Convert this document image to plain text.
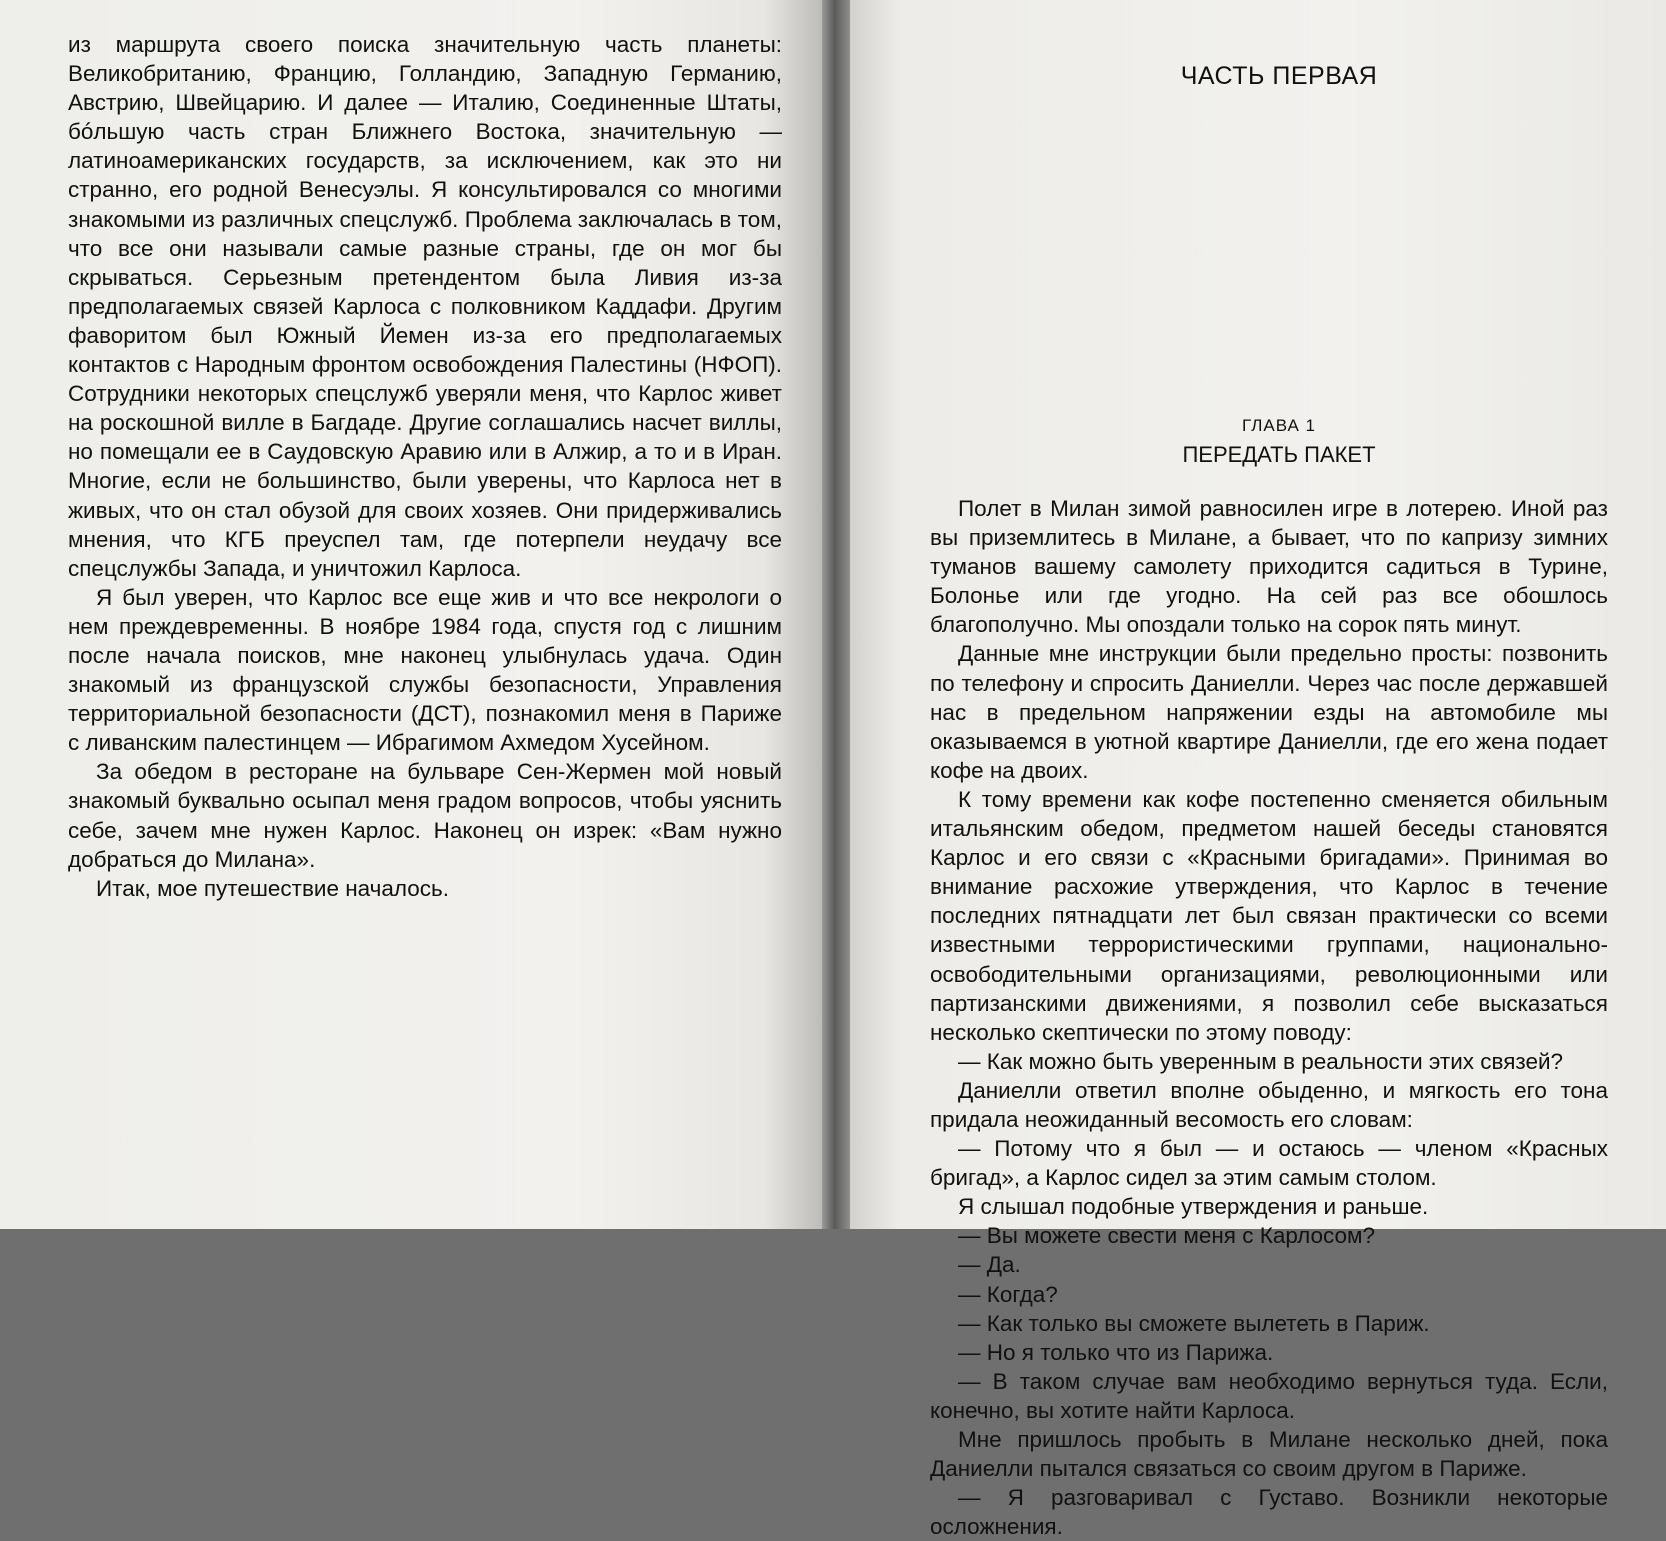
из маршрута своего поиска значительную часть планеты: Великобританию, Францию, Голландию, Западную Германию, Австрию, Швейцарию. И далее — Италию, Соединенные Штаты, бóльшую часть стран Ближнего Востока, значительную — латиноамериканских государств, за исключением, как это ни странно, его родной Венесуэлы. Я консультировался со многими знакомыми из различных спецслужб. Проблема заключалась в том, что все они называли самые разные страны, где он мог бы скрываться. Серьезным претендентом была Ливия из-за предполагаемых связей Карлоса с полковником Каддафи. Другим фаворитом был Южный Йемен из-за его предполагаемых контактов с Народным фронтом освобождения Палестины (НФОП). Сотрудники некоторых спецслужб уверяли меня, что Карлос живет на роскошной вилле в Багдаде. Другие соглашались насчет виллы, но помещали ее в Саудовскую Аравию или в Алжир, а то и в Иран. Многие, если не большинство, были уверены, что Карлоса нет в живых, что он стал обузой для своих хозяев. Они придерживались мнения, что КГБ преуспел там, где потерпели неудачу все спецслужбы Запада, и уничтожил Карлоса.

Я был уверен, что Карлос все еще жив и что все некрологи о нем преждевременны. В ноябре 1984 года, спустя год с лишним после начала поисков, мне наконец улыбнулась удача. Один знакомый из французской службы безопасности, Управления территориальной безопасности (ДСТ), познакомил меня в Париже с ливанским палестинцем — Ибрагимом Ахмедом Хусейном.

За обедом в ресторане на бульваре Сен-Жермен мой новый знакомый буквально осыпал меня градом вопросов, чтобы уяснить себе, зачем мне нужен Карлос. Наконец он изрек: «Вам нужно добраться до Милана».

Итак, мое путешествие началось.

ЧАСТЬ ПЕРВАЯ
ГЛАВА 1
ПЕРЕДАТЬ ПАКЕТ

Полет в Милан зимой равносилен игре в лотерею. Иной раз вы приземлитесь в Милане, а бывает, что по капризу зимних туманов вашему самолету приходится садиться в Турине, Болонье или где угодно. На сей раз все обошлось благополучно. Мы опоздали только на сорок пять минут.

Данные мне инструкции были предельно просты: позвонить по телефону и спросить Даниелли. Через час после державшей нас в предельном напряжении езды на автомобиле мы оказываемся в уютной квартире Даниелли, где его жена подает кофе на двоих.

К тому времени как кофе постепенно сменяется обильным итальянским обедом, предметом нашей беседы становятся Карлос и его связи с «Красными бригадами». Принимая во внимание расхожие утверждения, что Карлос в течение последних пятнадцати лет был связан практически со всеми известными террористическими группами, национально-освободительными организациями, революционными или партизанскими движениями, я позволил себе высказаться несколько скептически по этому поводу:

— Как можно быть уверенным в реальности этих связей?

Даниелли ответил вполне обыденно, и мягкость его тона придала неожиданный весомость его словам:

— Потому что я был — и остаюсь — членом «Красных бригад», а Карлос сидел за этим самым столом.

Я слышал подобные утверждения и раньше.

— Вы можете свести меня с Карлосом?

— Да.

— Когда?

— Как только вы сможете вылететь в Париж.

— Но я только что из Парижа.

— В таком случае вам необходимо вернуться туда. Если, конечно, вы хотите найти Карлоса.

Мне пришлось пробыть в Милане несколько дней, пока Даниелли пытался связаться со своим другом в Париже.

— Я разговаривал с Густаво. Возникли некоторые осложнения.
